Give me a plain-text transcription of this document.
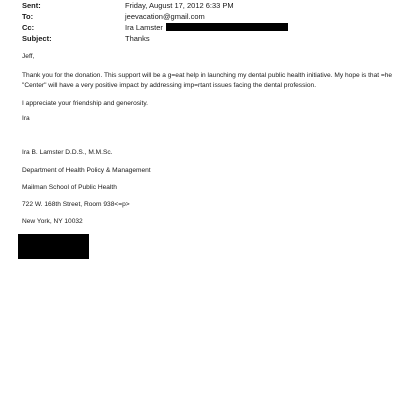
Sent:	Friday, August 17, 2012 6:33 PM
To:	jeevacation@gmail.com
Cc:	Ira Lamster
Subject:	Thanks

Jeff,

Thank you for the donation. This support will be a g=eat help in launching my dental public health initiative. My hope is that =he "Center" will have a very positive impact by addressing imp=rtant issues facing the dental profession.

I appreciate your friendship and generosity.

Ira

Ira B. Lamster D.D.S., M.M.Sc.

Department of Health Policy & Management

Mailman School of Public Health

722 W. 168th Street, Room 938<=p>

New York, NY 10032
